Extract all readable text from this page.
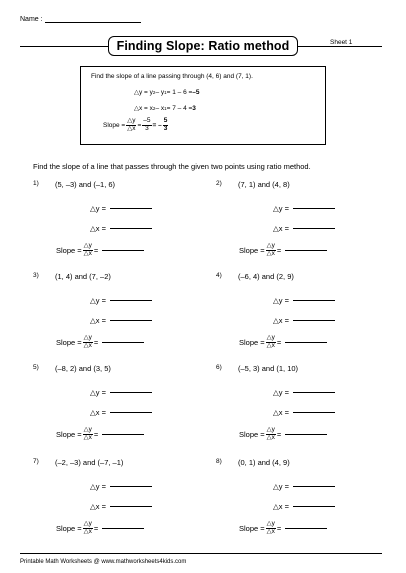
Name :
Finding Slope: Ratio method	Sheet 1
Find the slope of a line passing through (4, 6) and (7, 1).
△y = y 2 – y 1 = 1 – 6 = –5
△x = x 2 – x 1 = 7 – 4 = 3
Slope = $\frac{\triangle y}{\triangle x} = \frac{-5}{3}$ = – $\frac{5}{3}$
Find the slope of a line that passes through the given two points using ratio method.
1) (5, –3) and (–1, 6)
△y =
△x =
Slope = $\frac{\triangle y}{\triangle x}$ =
2) (7, 1) and (4, 8)
△y =
△x =
Slope = $\frac{\triangle y}{\triangle x}$ =
3) (1, 4) and (7, –2)
△y =
△x =
Slope = $\frac{\triangle y}{\triangle x}$ =
4) (–6, 4) and (2, 9)
△y =
△x =
Slope = $\frac{\triangle y}{\triangle x}$ =
5) (–8, 2) and (3, 5)
△y =
△x =
Slope = $\frac{\triangle y}{\triangle x}$ =
6) (–5, 3) and (1, 10)
△y =
△x =
Slope = $\frac{\triangle y}{\triangle x}$ =
7) (–2, –3) and (–7, –1)
△y =
△x =
Slope = $\frac{\triangle y}{\triangle x}$ =
8) (0, 1) and (4, 9)
△y =
△x =
Slope = $\frac{\triangle y}{\triangle x}$ =
Printable Math Worksheets @ www.mathworksheets4kids.com
